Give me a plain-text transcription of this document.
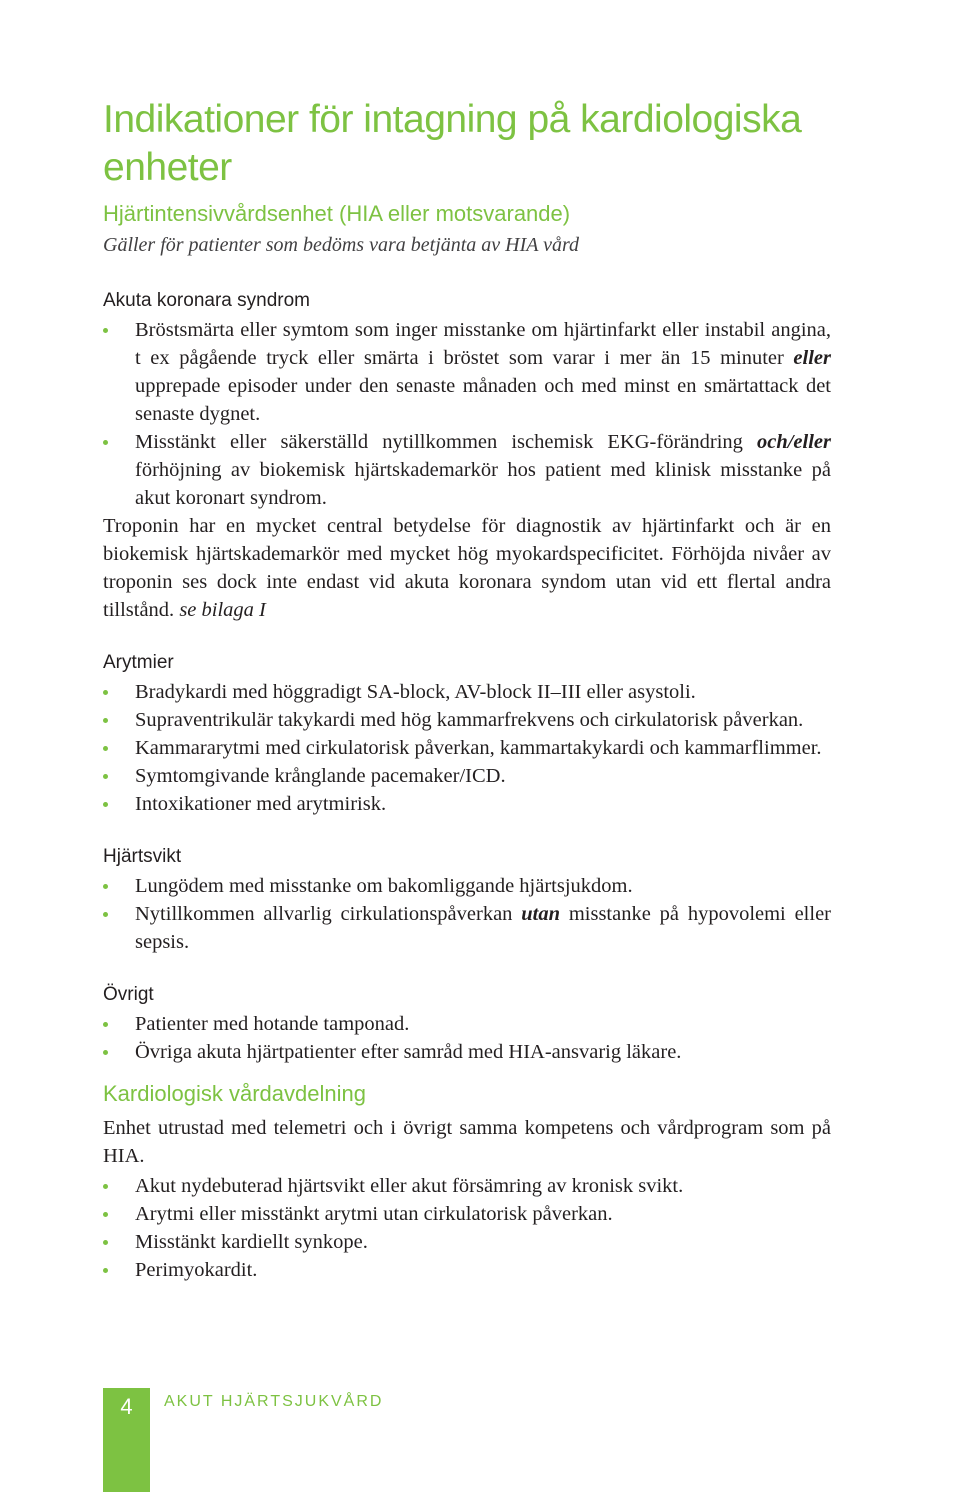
Indikationer för intagning på kardiologiska enheter
Hjärtintensivvårdsenhet (HIA eller motsvarande)

Gäller för patienter som bedöms vara betjänta av HIA vård

Akuta koronara syndrom
Bröstsmärta eller symtom som inger misstanke om hjärtinfarkt eller instabil angina, t ex pågående tryck eller smärta i bröstet som varar i mer än 15 minuter eller upprepade episoder under den senaste månaden och med minst en smärtattack det senaste dygnet.
Misstänkt eller säkerställd nytillkommen ischemisk EKG-förändring och/eller förhöjning av biokemisk hjärtskademarkör hos patient med klinisk misstanke på akut koronart syndrom.

Troponin har en mycket central betydelse för diagnostik av hjärtinfarkt och är en biokemisk hjärtskademarkör med mycket hög myokardspecificitet. Förhöjda nivåer av troponin ses dock inte endast vid akuta koronara syndom utan vid ett flertal andra tillstånd. se bilaga I

Arytmier
Bradykardi med höggradigt SA-block, AV-block II–III eller asystoli.
Supraventrikulär takykardi med hög kammarfrekvens och cirkulatorisk påverkan.
Kammararytmi med cirkulatorisk påverkan, kammartakykardi och kammarflimmer.
Symtomgivande krånglande pacemaker/ICD.
Intoxikationer med arytmirisk.
Hjärtsvikt
Lungödem med misstanke om bakomliggande hjärtsjukdom.
Nytillkommen allvarlig cirkulationspåverkan utan misstanke på hypovolemi eller sepsis.
Övrigt
Patienter med hotande tamponad.
Övriga akuta hjärtpatienter efter samråd med HIA-ansvarig läkare.
Kardiologisk vårdavdelning

Enhet utrustad med telemetri och i övrigt samma kompetens och vårdprogram som på HIA.

Akut nydebuterad hjärtsvikt eller akut försämring av kronisk svikt.
Arytmi eller misstänkt arytmi utan cirkulatorisk påverkan.
Misstänkt kardiellt synkope.
Perimyokardit.
4	AKUT HJÄRTSJUKVÅRD
